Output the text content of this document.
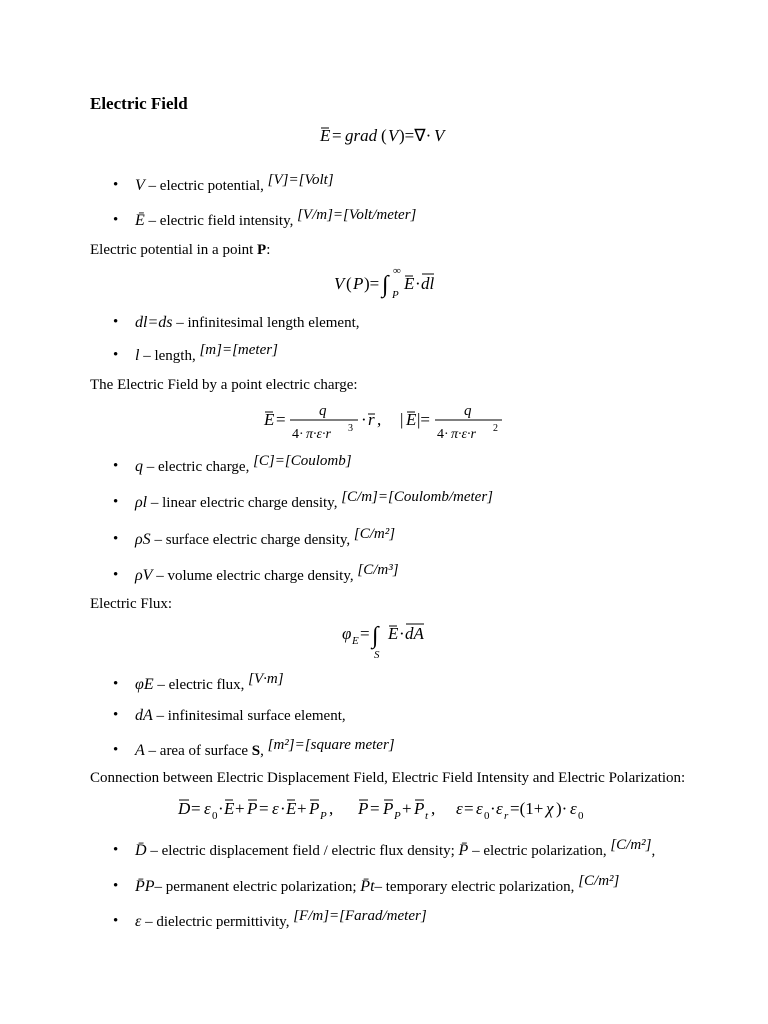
Electric Field
E = grad ( V )=∇· V
• V – electric potential, [V]=[Volt]
• Ē – electric field intensity, [V/m]=[Volt/meter]
Electric potential in a point P:
V ( P )= ∫
∞
P
E · dl
• dl=ds – infinitesimal length element,
• l – length, [m]=[meter]
The Electric Field by a point electric charge:
E = q
4· π·ε·r 3 · r , | E |= q
4· π·ε·r 2
• q – electric charge, [C]=[Coulomb]
• ρl – linear electric charge density, [C/m]=[Coulomb/meter]
• ρS – surface electric charge density, [C/m²]
• ρV – volume electric charge density, [C/m³]
Electric Flux:
φ E = ∫
S
E · dA
• φE – electric flux, [V·m]
• dA – infinitesimal surface element,
• A – area of surface S, [m²]=[square meter]
Connection between Electric Displacement Field, Electric Field Intensity and Electric Polarization:
D = ε 0 · E + P = ε · E + P P , P = P P + P t , ε = ε 0 · ε r =(1+ χ )· ε 0
• D̄ – electric displacement field / electric flux density; P̄ – electric polarization, [C/m²],
• P̄P– permanent electric polarization; P̄t– temporary electric polarization, [C/m²]
• ε – dielectric permittivity, [F/m]=[Farad/meter]
